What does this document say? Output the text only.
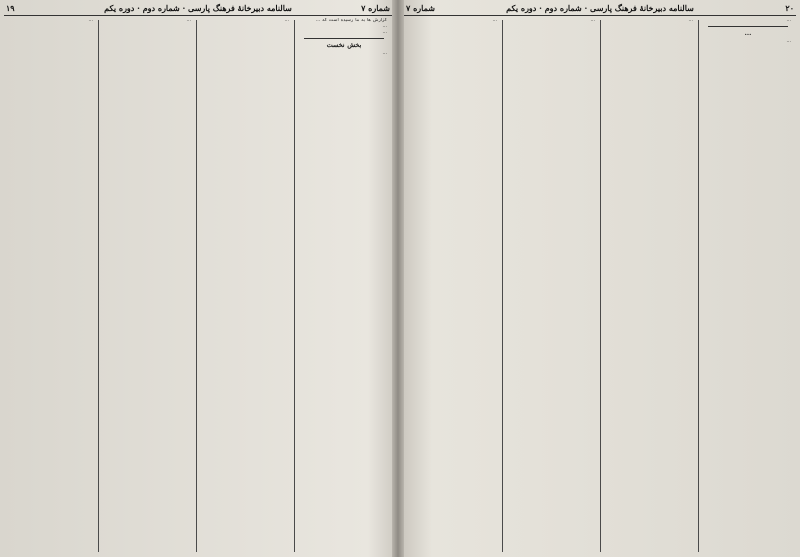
۱۹	سالنامه دبیرخانهٔ فرهنگ پارسی · شماره دوم · دوره یکم	شماره ۷

گزارش ها به ما رسیده است که ...

...

...

بخش نخست

...

...

...

...

۲۰
سالنامه دبیرخانهٔ فرهنگ پارسی · شماره دوم · دوره یکم
شماره ۷

...

...

...

...

...

...
